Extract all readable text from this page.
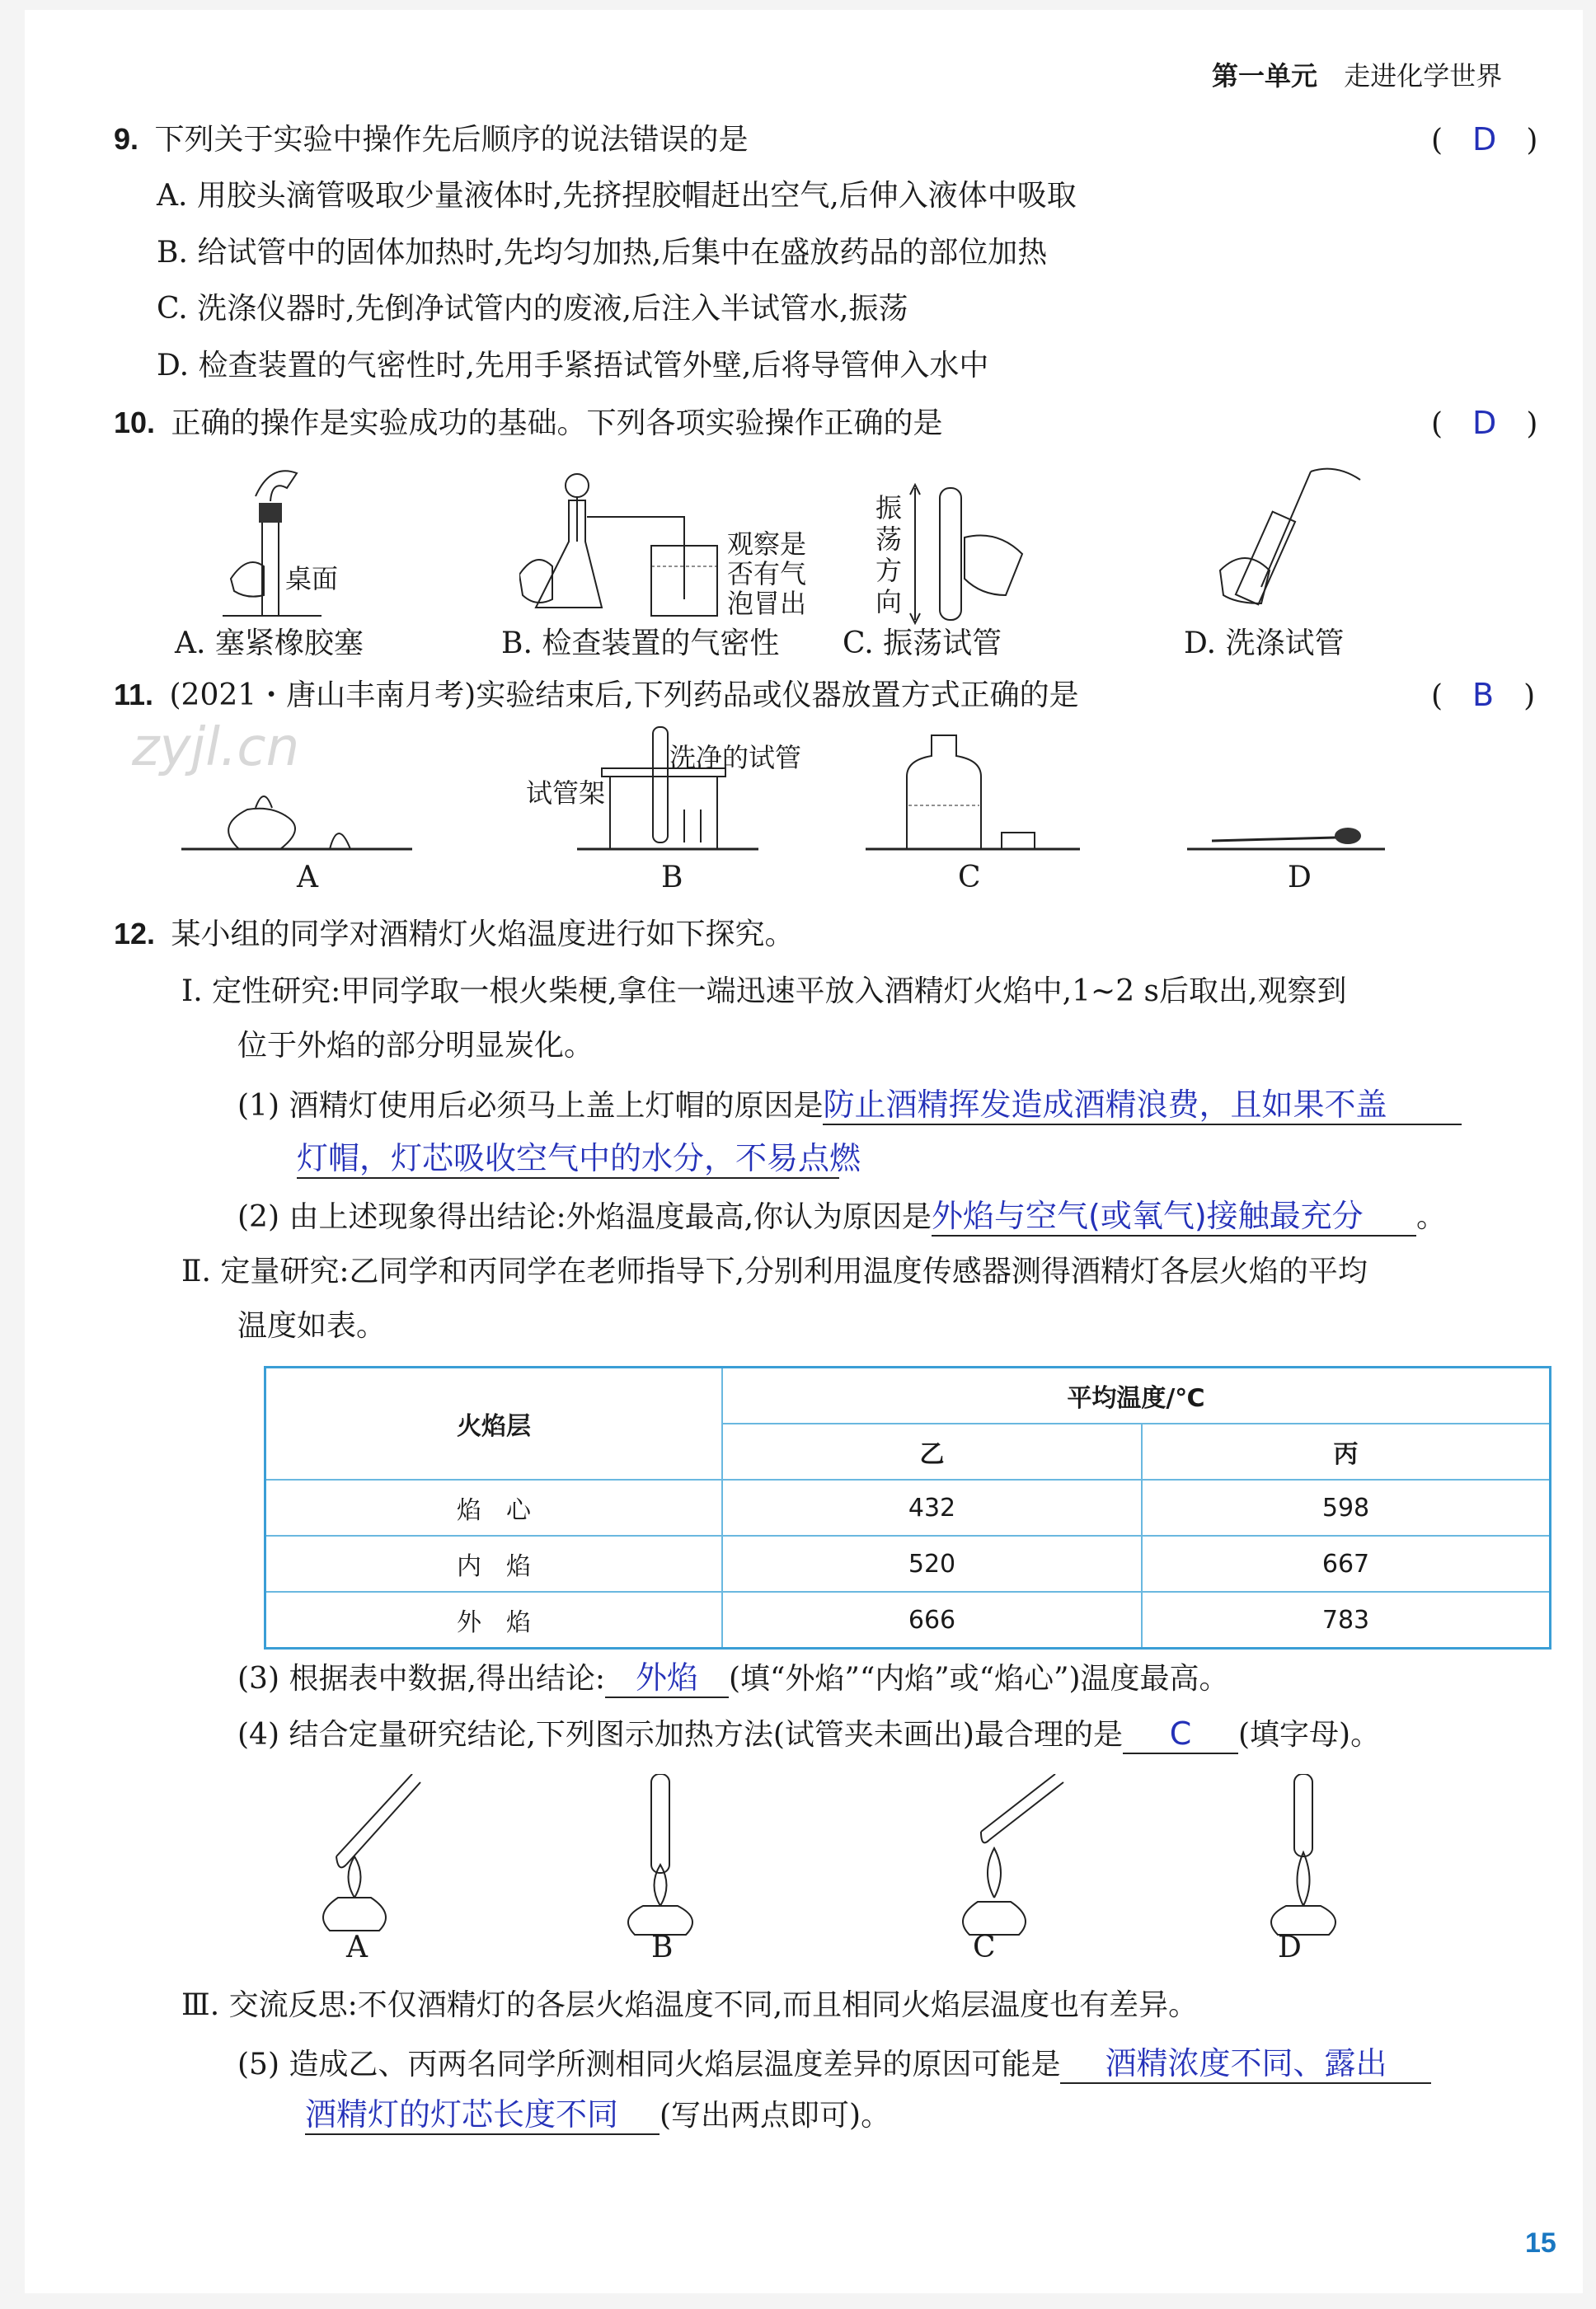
第一单元 走进化学世界
9. 下列关于实验中操作先后顺序的说法错误的是	(　D　)
A. 用胶头滴管吸取少量液体时,先挤捏胶帽赶出空气,后伸入液体中吸取
B. 给试管中的固体加热时,先均匀加热,后集中在盛放药品的部位加热
C. 洗涤仪器时,先倒净试管内的废液,后注入半试管水,振荡
D. 检查装置的气密性时,先用手紧捂试管外壁,后将导管伸入水中
10. 正确的操作是实验成功的基础。下列各项实验操作正确的是	(　D　)
桌面
观察是
否有气
泡冒出
振
荡
方
向
A. 塞紧橡胶塞	B. 检查装置的气密性 C. 振荡试管	D. 洗涤试管
11. (2021・唐山丰南月考)实验结束后,下列药品或仪器放置方式正确的是	(　B　)
zyjl.cn	洗净的试管
试管架
A	B	C	D
12. 某小组的同学对酒精灯火焰温度进行如下探究。
Ⅰ. 定性研究:甲同学取一根火柴梗,拿住一端迅速平放入酒精灯火焰中,1~2 s后取出,观察到
位于外焰的部分明显炭化。
(1) 酒精灯使用后必须马上盖上灯帽的原因是防止酒精挥发造成酒精浪费，且如果不盖
灯帽，灯芯吸收空气中的水分，不易点燃
(2) 由上述现象得出结论:外焰温度最高,你认为原因是外焰与空气(或氧气)接触最充分 。
Ⅱ. 定量研究:乙同学和丙同学在老师指导下,分别利用温度传感器测得酒精灯各层火焰的平均
温度如表。
火焰层	平均温度/℃	
	乙	丙
焰　心	432	598
内　焰	520	667
外　焰	666	783
(3) 根据表中数据,得出结论: 外焰 (填“外焰”“内焰”或“焰心”)温度最高。
(4) 结合定量研究结论,下列图示加热方法(试管夹未画出)最合理的是 C (填字母)。
A	B	C	D
Ⅲ. 交流反思:不仅酒精灯的各层火焰温度不同,而且相同火焰层温度也有差异。
(5) 造成乙、丙两名同学所测相同火焰层温度差异的原因可能是 酒精浓度不同、露出
酒精灯的灯芯长度不同 (写出两点即可)。
15
